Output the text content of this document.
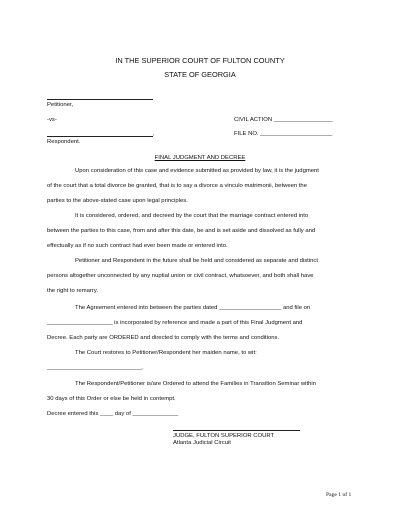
IN THE SUPERIOR COURT OF FULTON COUNTY
STATE OF GEORGIA
Petitioner,
-vs-	CIVIL ACTION __________________
,	FILE NO. ______________________
Respondent.
FINAL JUDGMENT AND DECREE
Upon consideration of this case and evidence submitted as provided by law, it is the judgment
of the court that a total divorce be granted, that is to say a divorce a vinculo matrimonii, between the
parties to the above-stated case upon legal principles.
It is considered, ordered, and decreed by the court that the marriage contract entered into
between the parties to this case, from and after this date, be and is set aside and dissolved as fully and
effectually as if no such contract had ever been made or entered into.
Petitioner and Respondent in the future shall be held and considered as separate and distinct
persons altogether unconnected by any nuptial union or civil contract, whatsoever, and both shall have
the right to remarry.
The Agreement entered into between the parties dated ___________________ and file on
____________________ is incorporated by reference and made a part of this Final Judgment and
Decree. Each party are ORDERED and directed to comply with the terms and conditions.
The Court restores to Petitioner/Respondent her maiden name, to wit:
_____________________________.
The Respondent/Petitioner is/are Ordered to attend the Families in Transition Seminar within
30 days of this Order or else be held in contempt.
Decree entered this ____ day of ______________
JUDGE, FULTON SUPERIOR COURT
Atlanta Judicial Circuit
Page 1 of 1
